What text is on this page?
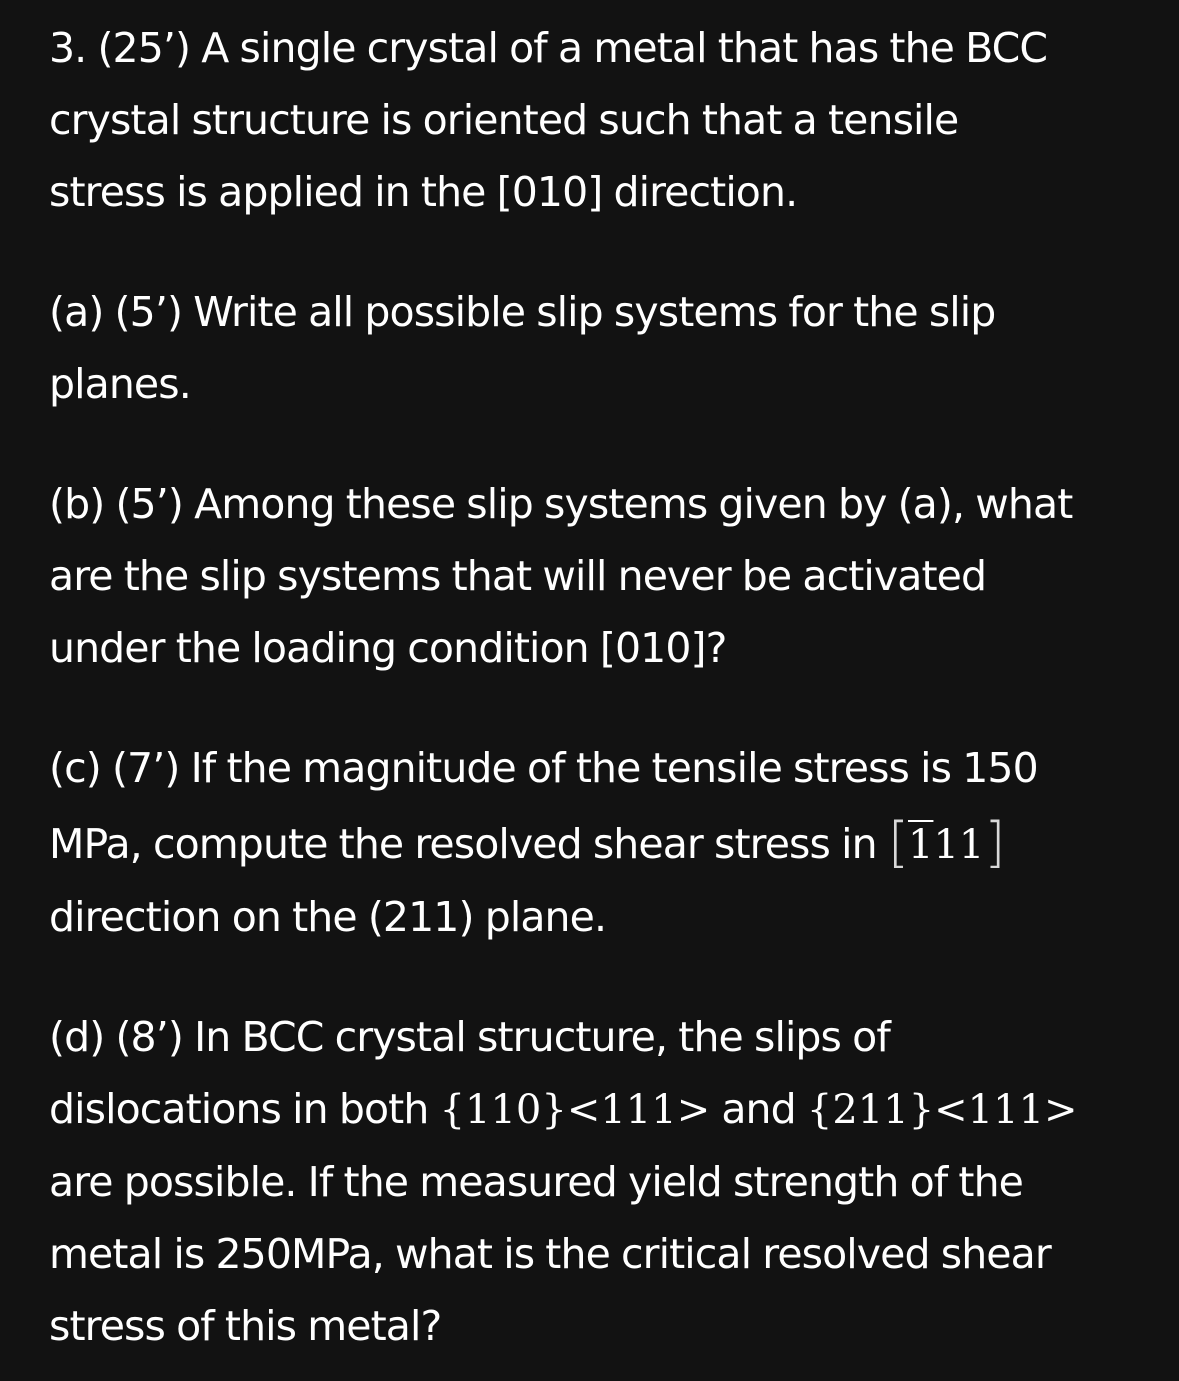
3. (25’) A single crystal of a metal that has the BCC
crystal structure is oriented such that a tensile
stress is applied in the [010] direction.

(a) (5’) Write all possible slip systems for the slip
planes.

(b) (5’) Among these slip systems given by (a), what
are the slip systems that will never be activated
under the loading condition [010]?

(c) (7’) If the magnitude of the tensile stress is 150
MPa, compute the resolved shear stress in [111]
direction on the (211) plane.

(d) (8’) In BCC crystal structure, the slips of
dislocations in both {110}<111> and {211}<111>
are possible. If the measured yield strength of the
metal is 250MPa, what is the critical resolved shear
stress of this metal?
